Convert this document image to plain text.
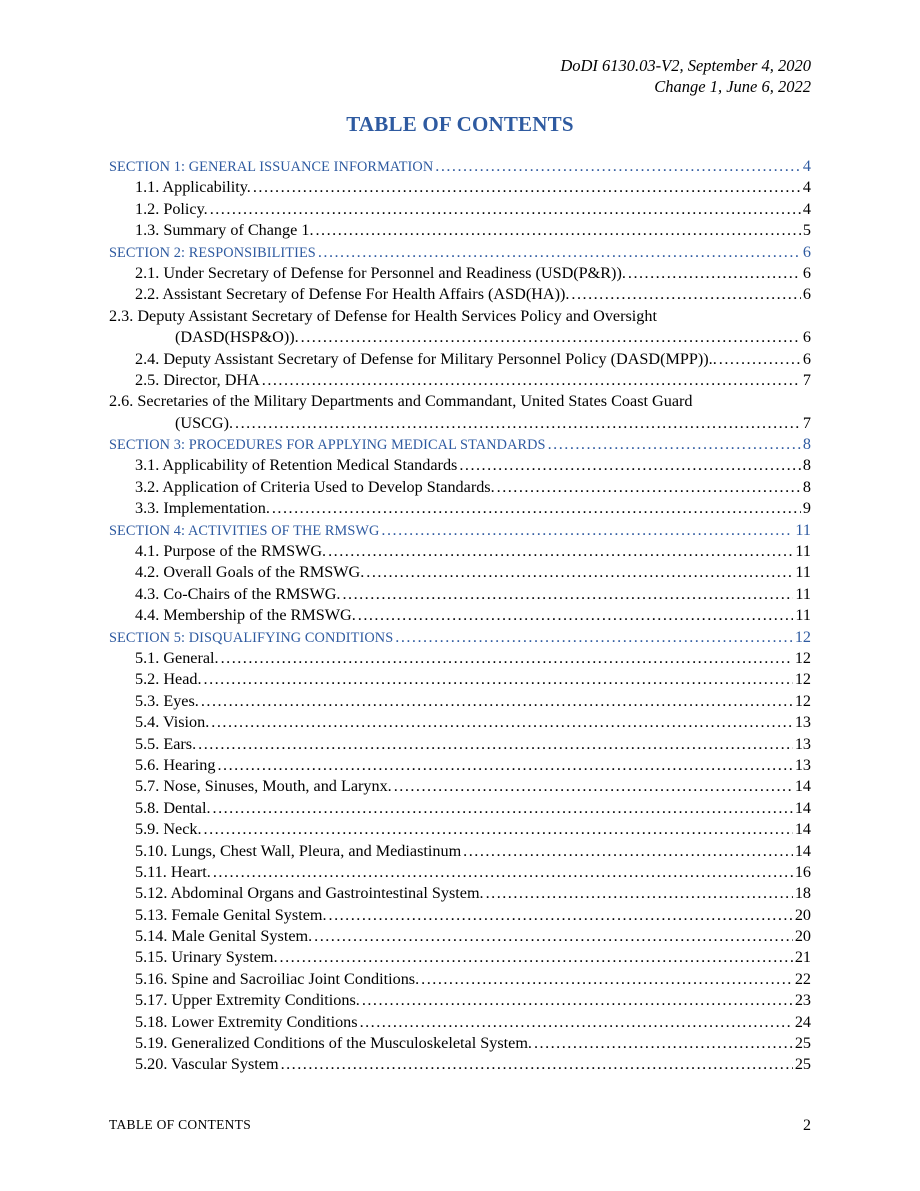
DoDI 6130.03-V2, September 4, 2020
Change 1, June 6, 2022
TABLE OF CONTENTS
SECTION 1: GENERAL ISSUANCE INFORMATION .....	4
1.1. Applicability. .....	4
1.2. Policy. .....	4
1.3. Summary of Change 1. .....	5
SECTION 2: RESPONSIBILITIES .....	6
2.1. Under Secretary of Defense for Personnel and Readiness (USD(P&R)). .....	6
2.2. Assistant Secretary of Defense For Health Affairs (ASD(HA)). .....	6
2.3. Deputy Assistant Secretary of Defense for Health Services Policy and Oversight
(DASD(HSP&O)). .....	6
2.4. Deputy Assistant Secretary of Defense for Military Personnel Policy (DASD(MPP)).. .....	6
2.5. Director, DHA .....	7
2.6. Secretaries of the Military Departments and Commandant, United States Coast Guard
(USCG). .....	7
SECTION 3: PROCEDURES FOR APPLYING MEDICAL STANDARDS .....	8
3.1. Applicability of Retention Medical Standards .....	8
3.2. Application of Criteria Used to Develop Standards. .....	8
3.3. Implementation. .....	9
SECTION 4: ACTIVITIES OF THE RMSWG .....	11
4.1. Purpose of the RMSWG. .....	11
4.2. Overall Goals of the RMSWG. .....	11
4.3. Co-Chairs of the RMSWG. .....	11
4.4. Membership of the RMSWG. .....	11
SECTION 5: DISQUALIFYING CONDITIONS .....	12
5.1. General. .....	12
5.2. Head. .....	12
5.3. Eyes. .....	12
5.4. Vision. .....	13
5.5. Ears. .....	13
5.6. Hearing .....	13
5.7. Nose, Sinuses, Mouth, and Larynx. .....	14
5.8. Dental. .....	14
5.9. Neck. .....	14
5.10. Lungs, Chest Wall, Pleura, and Mediastinum .....	14
5.11. Heart. .....	16
5.12. Abdominal Organs and Gastrointestinal System. .....	18
5.13. Female Genital System. .....	20
5.14. Male Genital System. .....	20
5.15. Urinary System. .....	21
5.16. Spine and Sacroiliac Joint Conditions. .....	22
5.17. Upper Extremity Conditions. .....	23
5.18. Lower Extremity Conditions .....	24
5.19. Generalized Conditions of the Musculoskeletal System. .....	25
5.20. Vascular System .....	25
TABLE OF CONTENTS	2
